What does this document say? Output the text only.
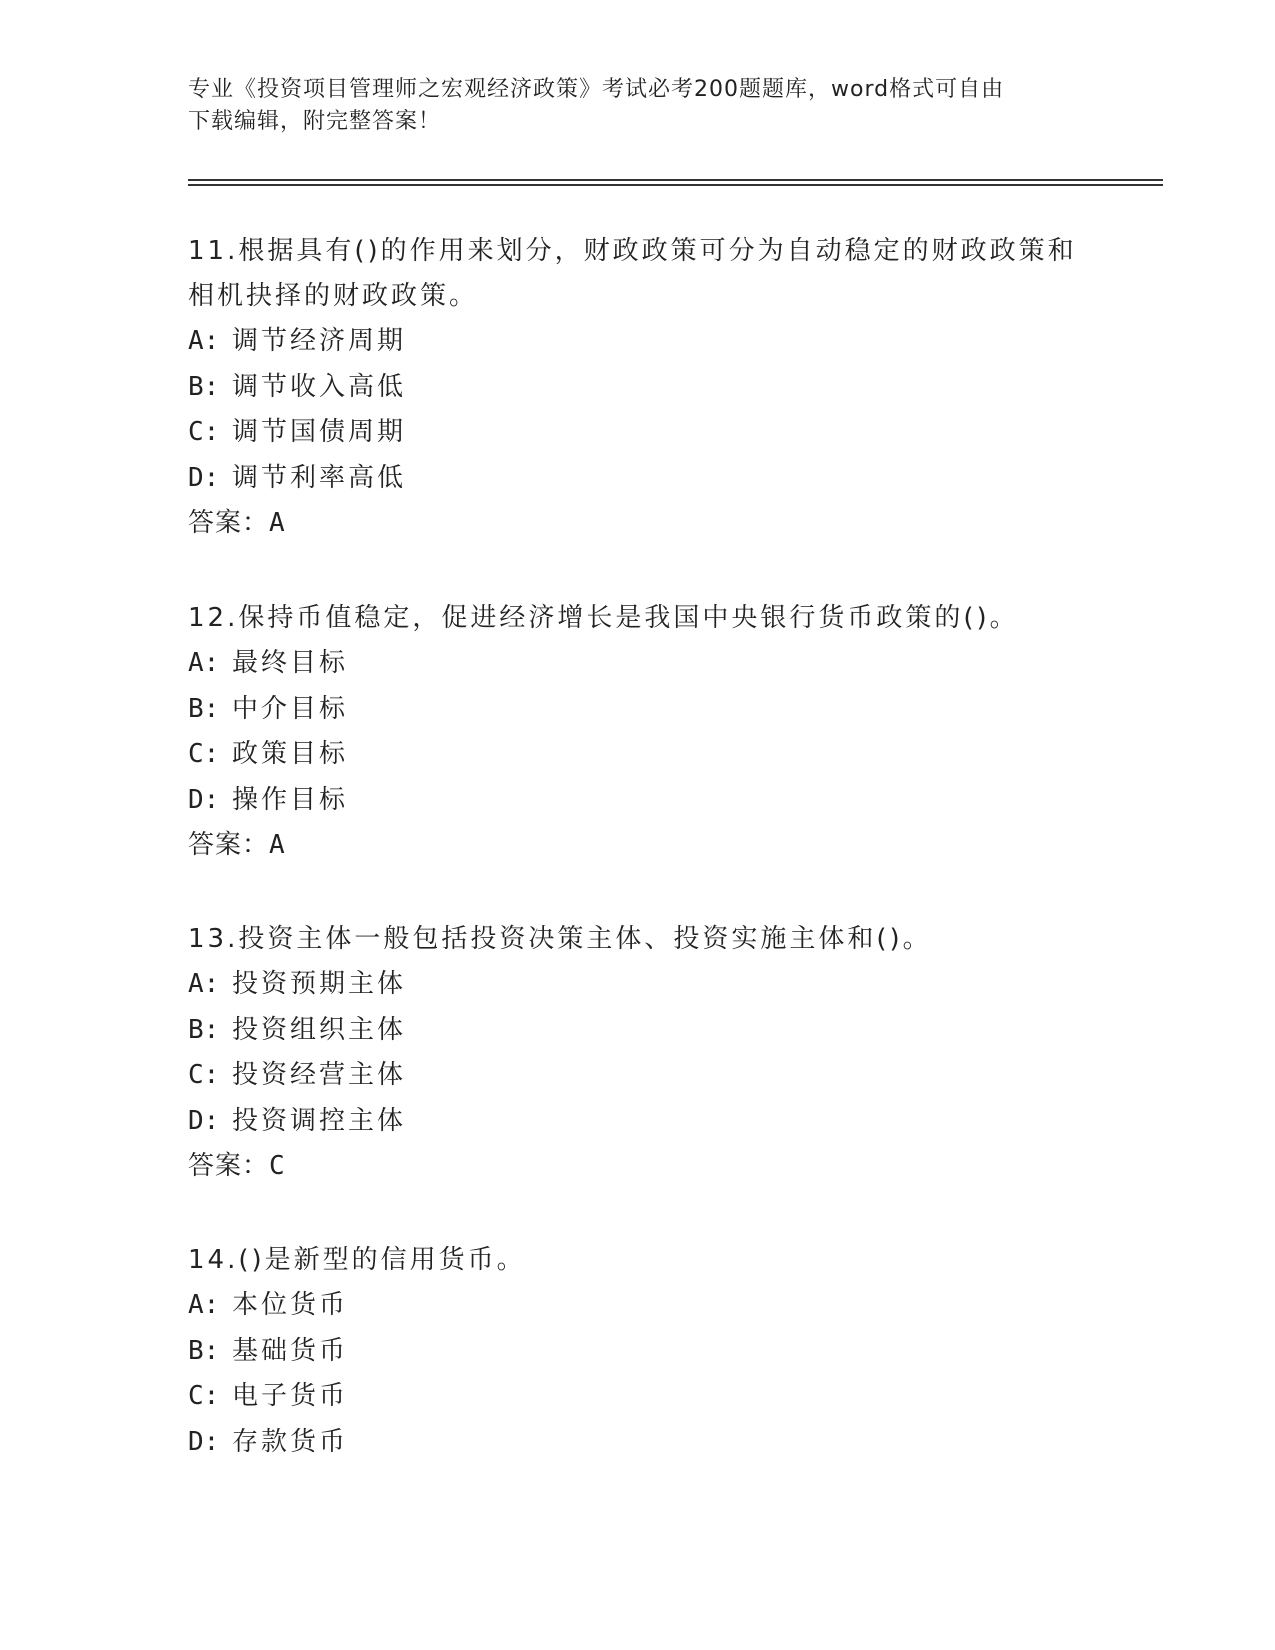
专业《投资项目管理师之宏观经济政策》考试必考200题题库，word格式可自由
下载编辑，附完整答案！

11.根据具有()的作用来划分，财政政策可分为自动稳定的财政政策和相机抉择的财政政策。

A: 调节经济周期

B: 调节收入高低

C: 调节国债周期

D: 调节利率高低

答案：A

12.保持币值稳定，促进经济增长是我国中央银行货币政策的()。

A: 最终目标

B: 中介目标

C: 政策目标

D: 操作目标

答案：A

13.投资主体一般包括投资决策主体、投资实施主体和()。

A: 投资预期主体

B: 投资组织主体

C: 投资经营主体

D: 投资调控主体

答案：C

14.()是新型的信用货币。

A: 本位货币

B: 基础货币

C: 电子货币

D: 存款货币
